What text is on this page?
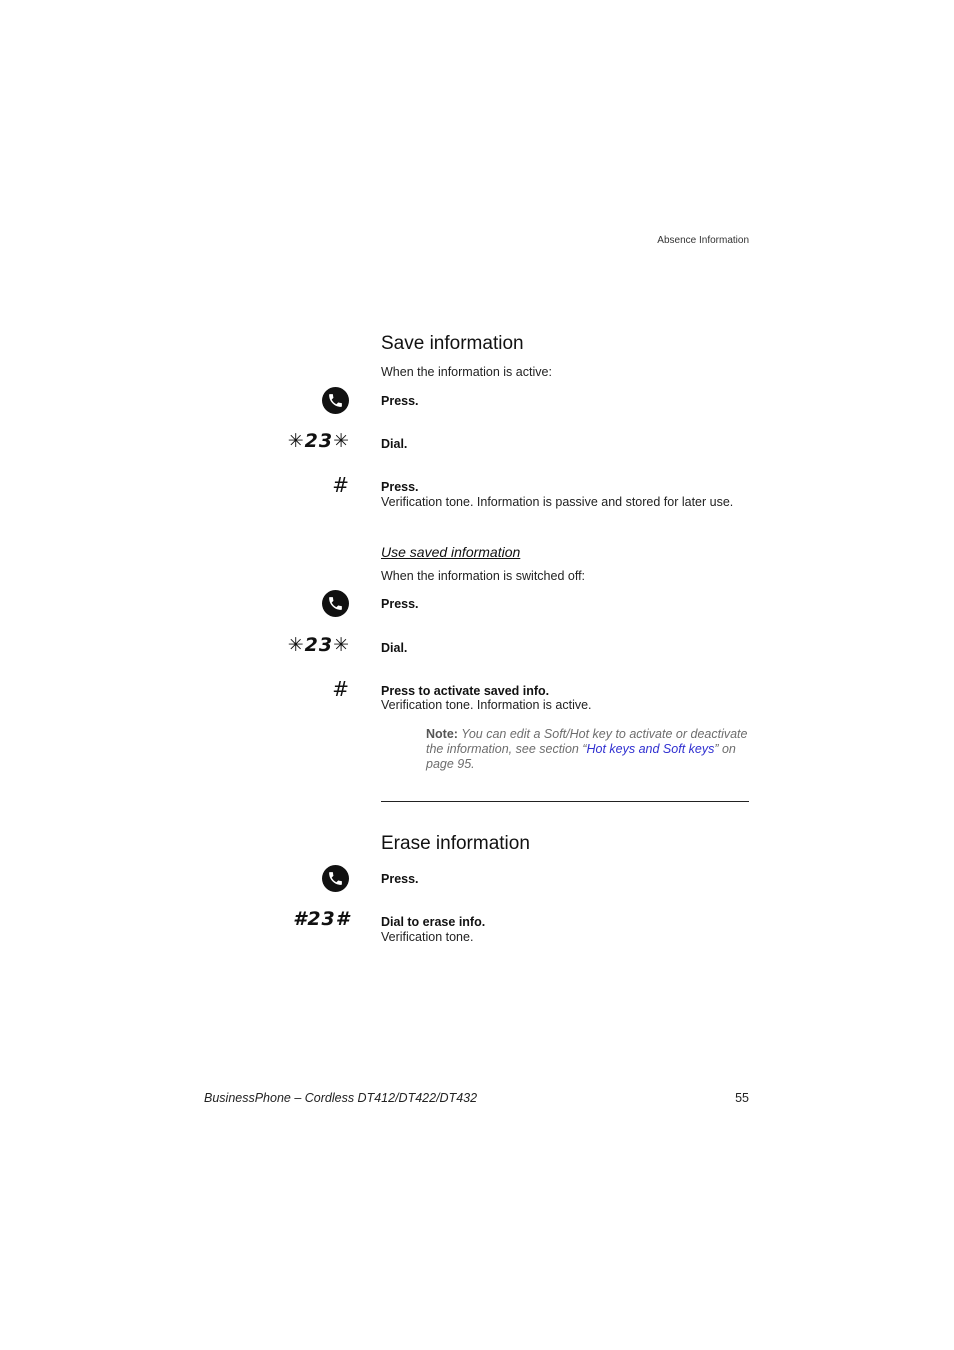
Absence Information
Save information
When the information is active:
Press.
✳23✳ Dial.
#	Press.
Verification tone. Information is passive and stored for later use.
Use saved information
When the information is switched off:
Press.
✳23✳ Dial.
#	Press to activate saved info.
Verification tone. Information is active.
Note: You can edit a Soft/Hot key to activate or deactivate the information, see section “Hot keys and Soft keys” on page 95.
Erase information
Press.
#23# Dial to erase info.
Verification tone.
BusinessPhone – Cordless DT412/DT422/DT432	55
